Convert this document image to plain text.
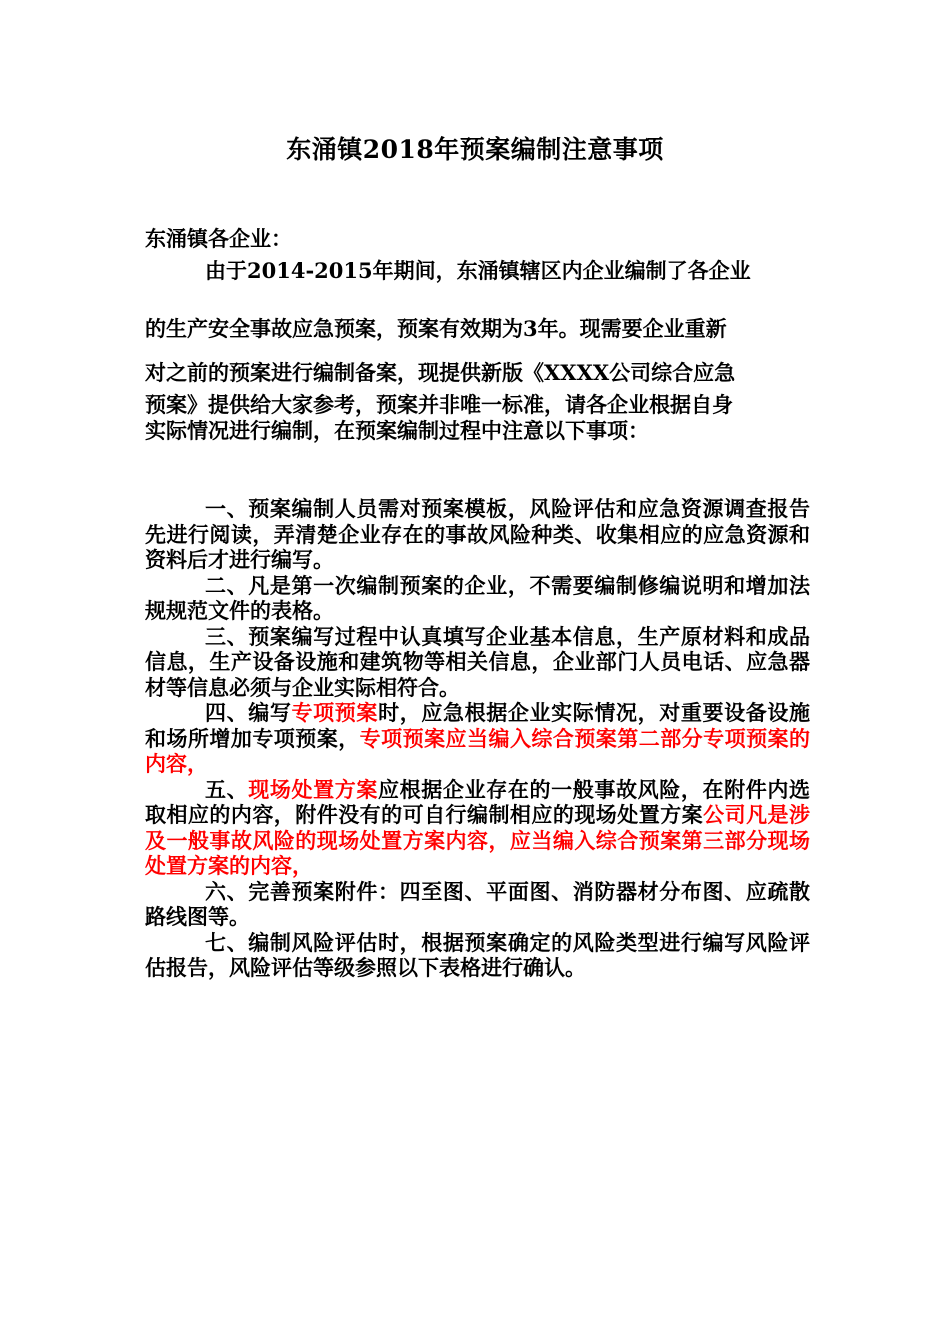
东涌镇2018年预案编制注意事项
东涌镇各企业：
由于2014-2015年期间，东涌镇辖区内企业编制了各企业
的生产安全事故应急预案，预案有效期为3年。现需要企业重新
对之前的预案进行编制备案，现提供新版《XXXX公司综合应急
预案》提供给大家参考，预案并非唯一标准，请各企业根据自身
实际情况进行编制，在预案编制过程中注意以下事项：
一、预案编制人员需对预案模板，风险评估和应急资源调查报告先进行阅读，弄清楚企业存在的事故风险种类、收集相应的应急资源和资料后才进行编写。
二、凡是第一次编制预案的企业，不需要编制修编说明和增加法规规范文件的表格。
三、预案编写过程中认真填写企业基本信息，生产原材料和成品信息，生产设备设施和建筑物等相关信息，企业部门人员电话、应急器材等信息必须与企业实际相符合。
四、编写专项预案时，应急根据企业实际情况，对重要设备设施和场所增加专项预案，专项预案应当编入综合预案第二部分专项预案的内容，
五、现场处置方案应根据企业存在的一般事故风险，在附件内选取相应的内容，附件没有的可自行编制相应的现场处置方案公司凡是涉及一般事故风险的现场处置方案内容，应当编入综合预案第三部分现场处置方案的内容，
六、完善预案附件：四至图、平面图、消防器材分布图、应疏散路线图等。
七、编制风险评估时，根据预案确定的风险类型进行编写风险评估报告，风险评估等级参照以下表格进行确认。
